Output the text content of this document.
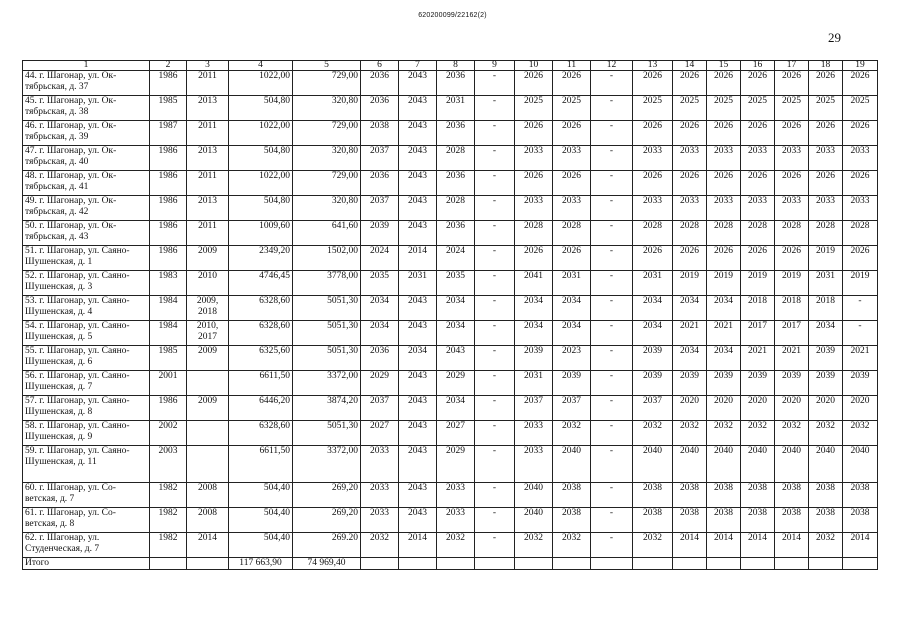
620200099/22162(2)
29
1	2	3	4	5	6	7	8	9	10	11	12	13	14	15	16	17	18	19
44. г. Шагонар, ул. Ок-тябрьская, д. 37	1986	2011	1022,00	729,00	2036	2043	2036	-	2026	2026	-	2026	2026	2026	2026	2026	2026	2026
45. г. Шагонар, ул. Ок-тябрьская, д. 38	1985	2013	504,80	320,80	2036	2043	2031	-	2025	2025	-	2025	2025	2025	2025	2025	2025	2025
46. г. Шагонар, ул. Ок-тябрьская, д. 39	1987	2011	1022,00	729,00	2038	2043	2036	-	2026	2026	-	2026	2026	2026	2026	2026	2026	2026
47. г. Шагонар, ул. Ок-тябрьская, д. 40	1986	2013	504,80	320,80	2037	2043	2028	-	2033	2033	-	2033	2033	2033	2033	2033	2033	2033
48. г. Шагонар, ул. Ок-тябрьская, д. 41	1986	2011	1022,00	729,00	2036	2043	2036	-	2026	2026	-	2026	2026	2026	2026	2026	2026	2026
49. г. Шагонар, ул. Ок-тябрьская, д. 42	1986	2013	504,80	320,80	2037	2043	2028	-	2033	2033	-	2033	2033	2033	2033	2033	2033	2033
50. г. Шагонар, ул. Ок-тябрьская, д. 43	1986	2011	1009,60	641,60	2039	2043	2036	-	2028	2028	-	2028	2028	2028	2028	2028	2028	2028
51. г. Шагонар, ул. Саяно-Шушенская, д. 1	1986	2009	2349,20	1502,00	2024	2014	2024	-	2026	2026	-	2026	2026	2026	2026	2026	2019	2026
52. г. Шагонар, ул. Саяно-Шушенская, д. 3	1983	2010	4746,45	3778,00	2035	2031	2035	-	2041	2031	-	2031	2019	2019	2019	2019	2031	2019
53. г. Шагонар, ул. Саяно-Шушенская, д. 4	1984	2009, 2018	6328,60	5051,30	2034	2043	2034	-	2034	2034	-	2034	2034	2034	2018	2018	2018	-
54. г. Шагонар, ул. Саяно-Шушенская, д. 5	1984	2010, 2017	6328,60	5051,30	2034	2043	2034	-	2034	2034	-	2034	2021	2021	2017	2017	2034	-
55. г. Шагонар, ул. Саяно-Шушенская, д. 6	1985	2009	6325,60	5051,30	2036	2034	2043	-	2039	2023	-	2039	2034	2034	2021	2021	2039	2021
56. г. Шагонар, ул. Саяно-Шушенская, д. 7	2001		6611,50	3372,00	2029	2043	2029	-	2031	2039	-	2039	2039	2039	2039	2039	2039	2039
57. г. Шагонар, ул. Саяно-Шушенская, д. 8	1986	2009	6446,20	3874,20	2037	2043	2034	-	2037	2037	-	2037	2020	2020	2020	2020	2020	2020
58. г. Шагонар, ул. Саяно-Шушенская, д. 9	2002		6328,60	5051,30	2027	2043	2027	-	2033	2032	-	2032	2032	2032	2032	2032	2032	2032
59. г. Шагонар, ул. Саяно-Шушенская, д. 11	2003		6611,50	3372,00	2033	2043	2029	-	2033	2040	-	2040	2040	2040	2040	2040	2040	2040
60. г. Шагонар, ул. Со-ветская, д. 7	1982	2008	504,40	269,20	2033	2043	2033	-	2040	2038	-	2038	2038	2038	2038	2038	2038	2038
61. г. Шагонар, ул. Со-ветская, д. 8	1982	2008	504,40	269,20	2033	2043	2033	-	2040	2038	-	2038	2038	2038	2038	2038	2038	2038
62. г. Шагонар, ул. Студенческая, д. 7	1982	2014	504,40	269.20	2032	2014	2032	-	2032	2032	-	2032	2014	2014	2014	2014	2032	2014
Итого			117 663,90	74 969,40														
